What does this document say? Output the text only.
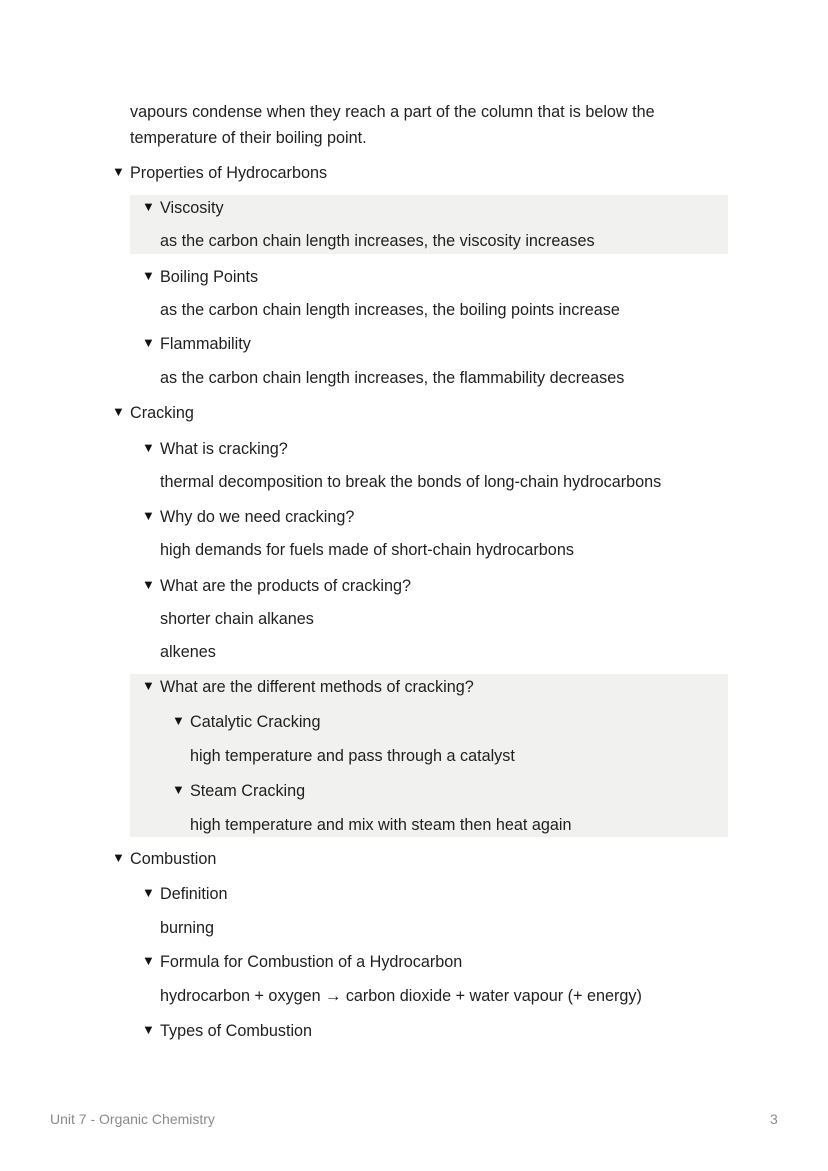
vapours condense when they reach a part of the column that is below the
temperature of their boiling point.
▼ Properties of Hydrocarbons
▼ Viscosity
as the carbon chain length increases, the viscosity increases
▼ Boiling Points
as the carbon chain length increases, the boiling points increase
▼ Flammability
as the carbon chain length increases, the flammability decreases
▼ Cracking
▼ What is cracking?
thermal decomposition to break the bonds of long-chain hydrocarbons
▼ Why do we need cracking?
high demands for fuels made of short-chain hydrocarbons
▼ What are the products of cracking?
shorter chain alkanes
alkenes
▼ What are the different methods of cracking?
▼ Catalytic Cracking
high temperature and pass through a catalyst
▼ Steam Cracking
high temperature and mix with steam then heat again
▼ Combustion
▼ Definition
burning
▼ Formula for Combustion of a Hydrocarbon
hydrocarbon + oxygen → carbon dioxide + water vapour (+ energy)
▼ Types of Combustion
Unit 7 - Organic Chemistry	3
